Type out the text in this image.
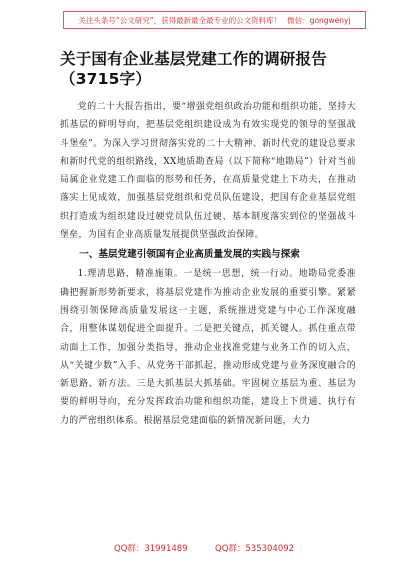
关注头条号“公文研究”，获得最新最全最专业的公文资料库！ 微信：gongwenyj
关于国有企业基层党建工作的调研报告
（3715字）

党的二十大报告指出，要“增强党组织政治功能和组织功能，坚持大抓基层的鲜明导向，把基层党组织建设成为有效实现党的领导的坚强战斗堡垒”。为深入学习贯彻落实党的二十大精神、新时代党的建设总要求和新时代党的组织路线，XX地质勘查局（以下简称“地勘局”）针对当前局属企业党建工作面临的形势和任务，在高质量党建上下功夫，在推动落实上见成效，加强基层党组织和党员队伍建设，把国有企业基层党组织打造成为组织建设过硬党员队伍过硬、基本制度落实到位的坚强战斗堡垒，为国有企业高质量发展提供坚强政治保障。

一、基层党建引领国有企业高质量发展的实践与探索

1.理清思路，精准施策。一是统一思想，统一行动。地勘局党委准确把握新形势新要求，将基层党建作为推动企业发展的重要引擎。紧紧围绕引领保障高质量发展这一主题，系统推进党建与中心工作深度融合，用整体谋划促进全面提升。二是把关键点，抓关键人。抓住重点带动面上工作，加强分类指导，推动企业找准党建与业务工作的切入点，从“关键少数”入手、从党务干部抓起，推动形成党建与业务深度融合的新思路、新方法。三是大抓基层大抓基础。牢固树立基层为重、基层为要的鲜明导向，充分发挥政治功能和组织功能，建设上下贯通、执行有力的严密组织体系。根据基层党建面临的新情况新问题，大力

QQ群：31991489	QQ群：535304092
